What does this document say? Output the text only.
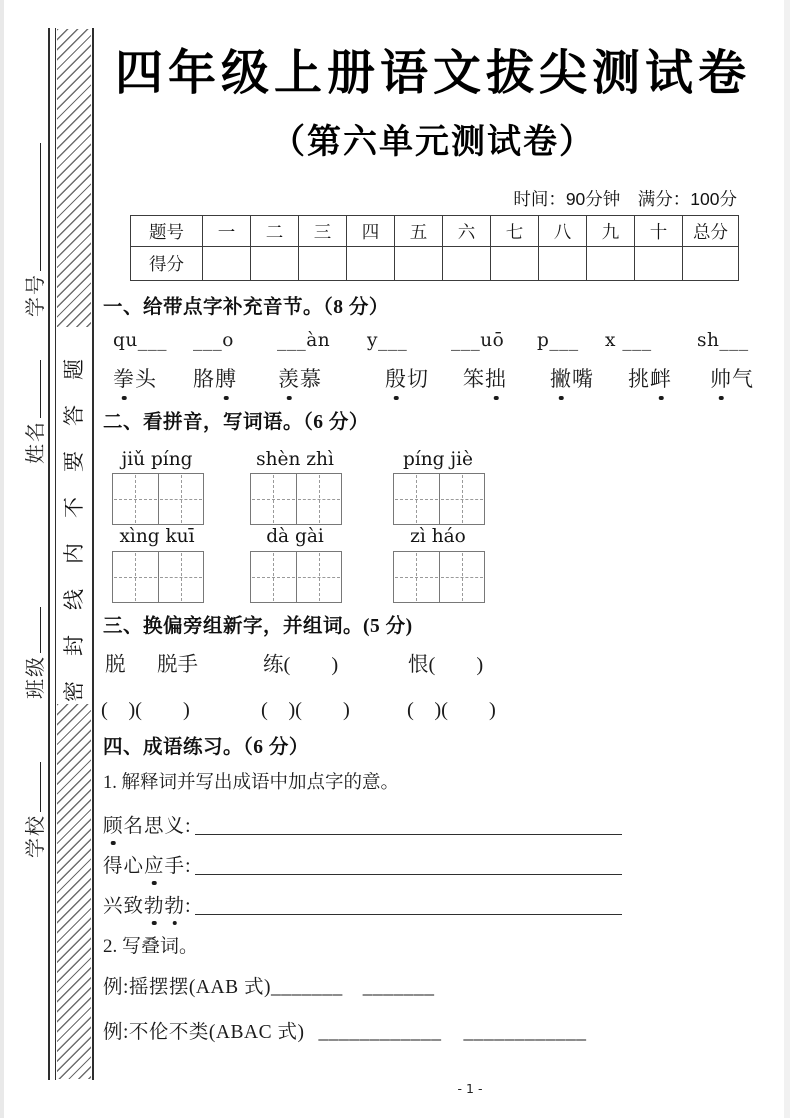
密封线内不要答题
学号
姓名
班级
学校
四年级上册语文拔尖测试卷
（第六单元测试卷）
时间：90分钟　满分：100分
题号	一	二	三	四	五	六	七	八	九	十	总分
得分											
一、给带点字补充音节。（8 分）
qu___ ___o ___àn y___ ___uō p___ x ___ sh___
拳头 胳膊 羡慕	殷切 笨拙 撇嘴 挑衅 帅气
二、看拼音，写词语。（6 分）
jiǔ píng	shèn zhì	píng jiè
xìng kuī	dà gài	zì háo
三、换偏旁组新字，并组词。(5 分)
脱 脱手	练(　　)	恨(　　)
(　)(　　)	(　)(　　)	(　)(　　)
四、成语练习。（6 分）
1. 解释词并写出成语中加点字的意。
顾名思义:
得心应手:
兴致勃勃:
2. 写叠词。
例:摇摆摆(AAB 式)_______ _______
例:不伦不类(ABAC 式) ____________ ____________
- 1 -
